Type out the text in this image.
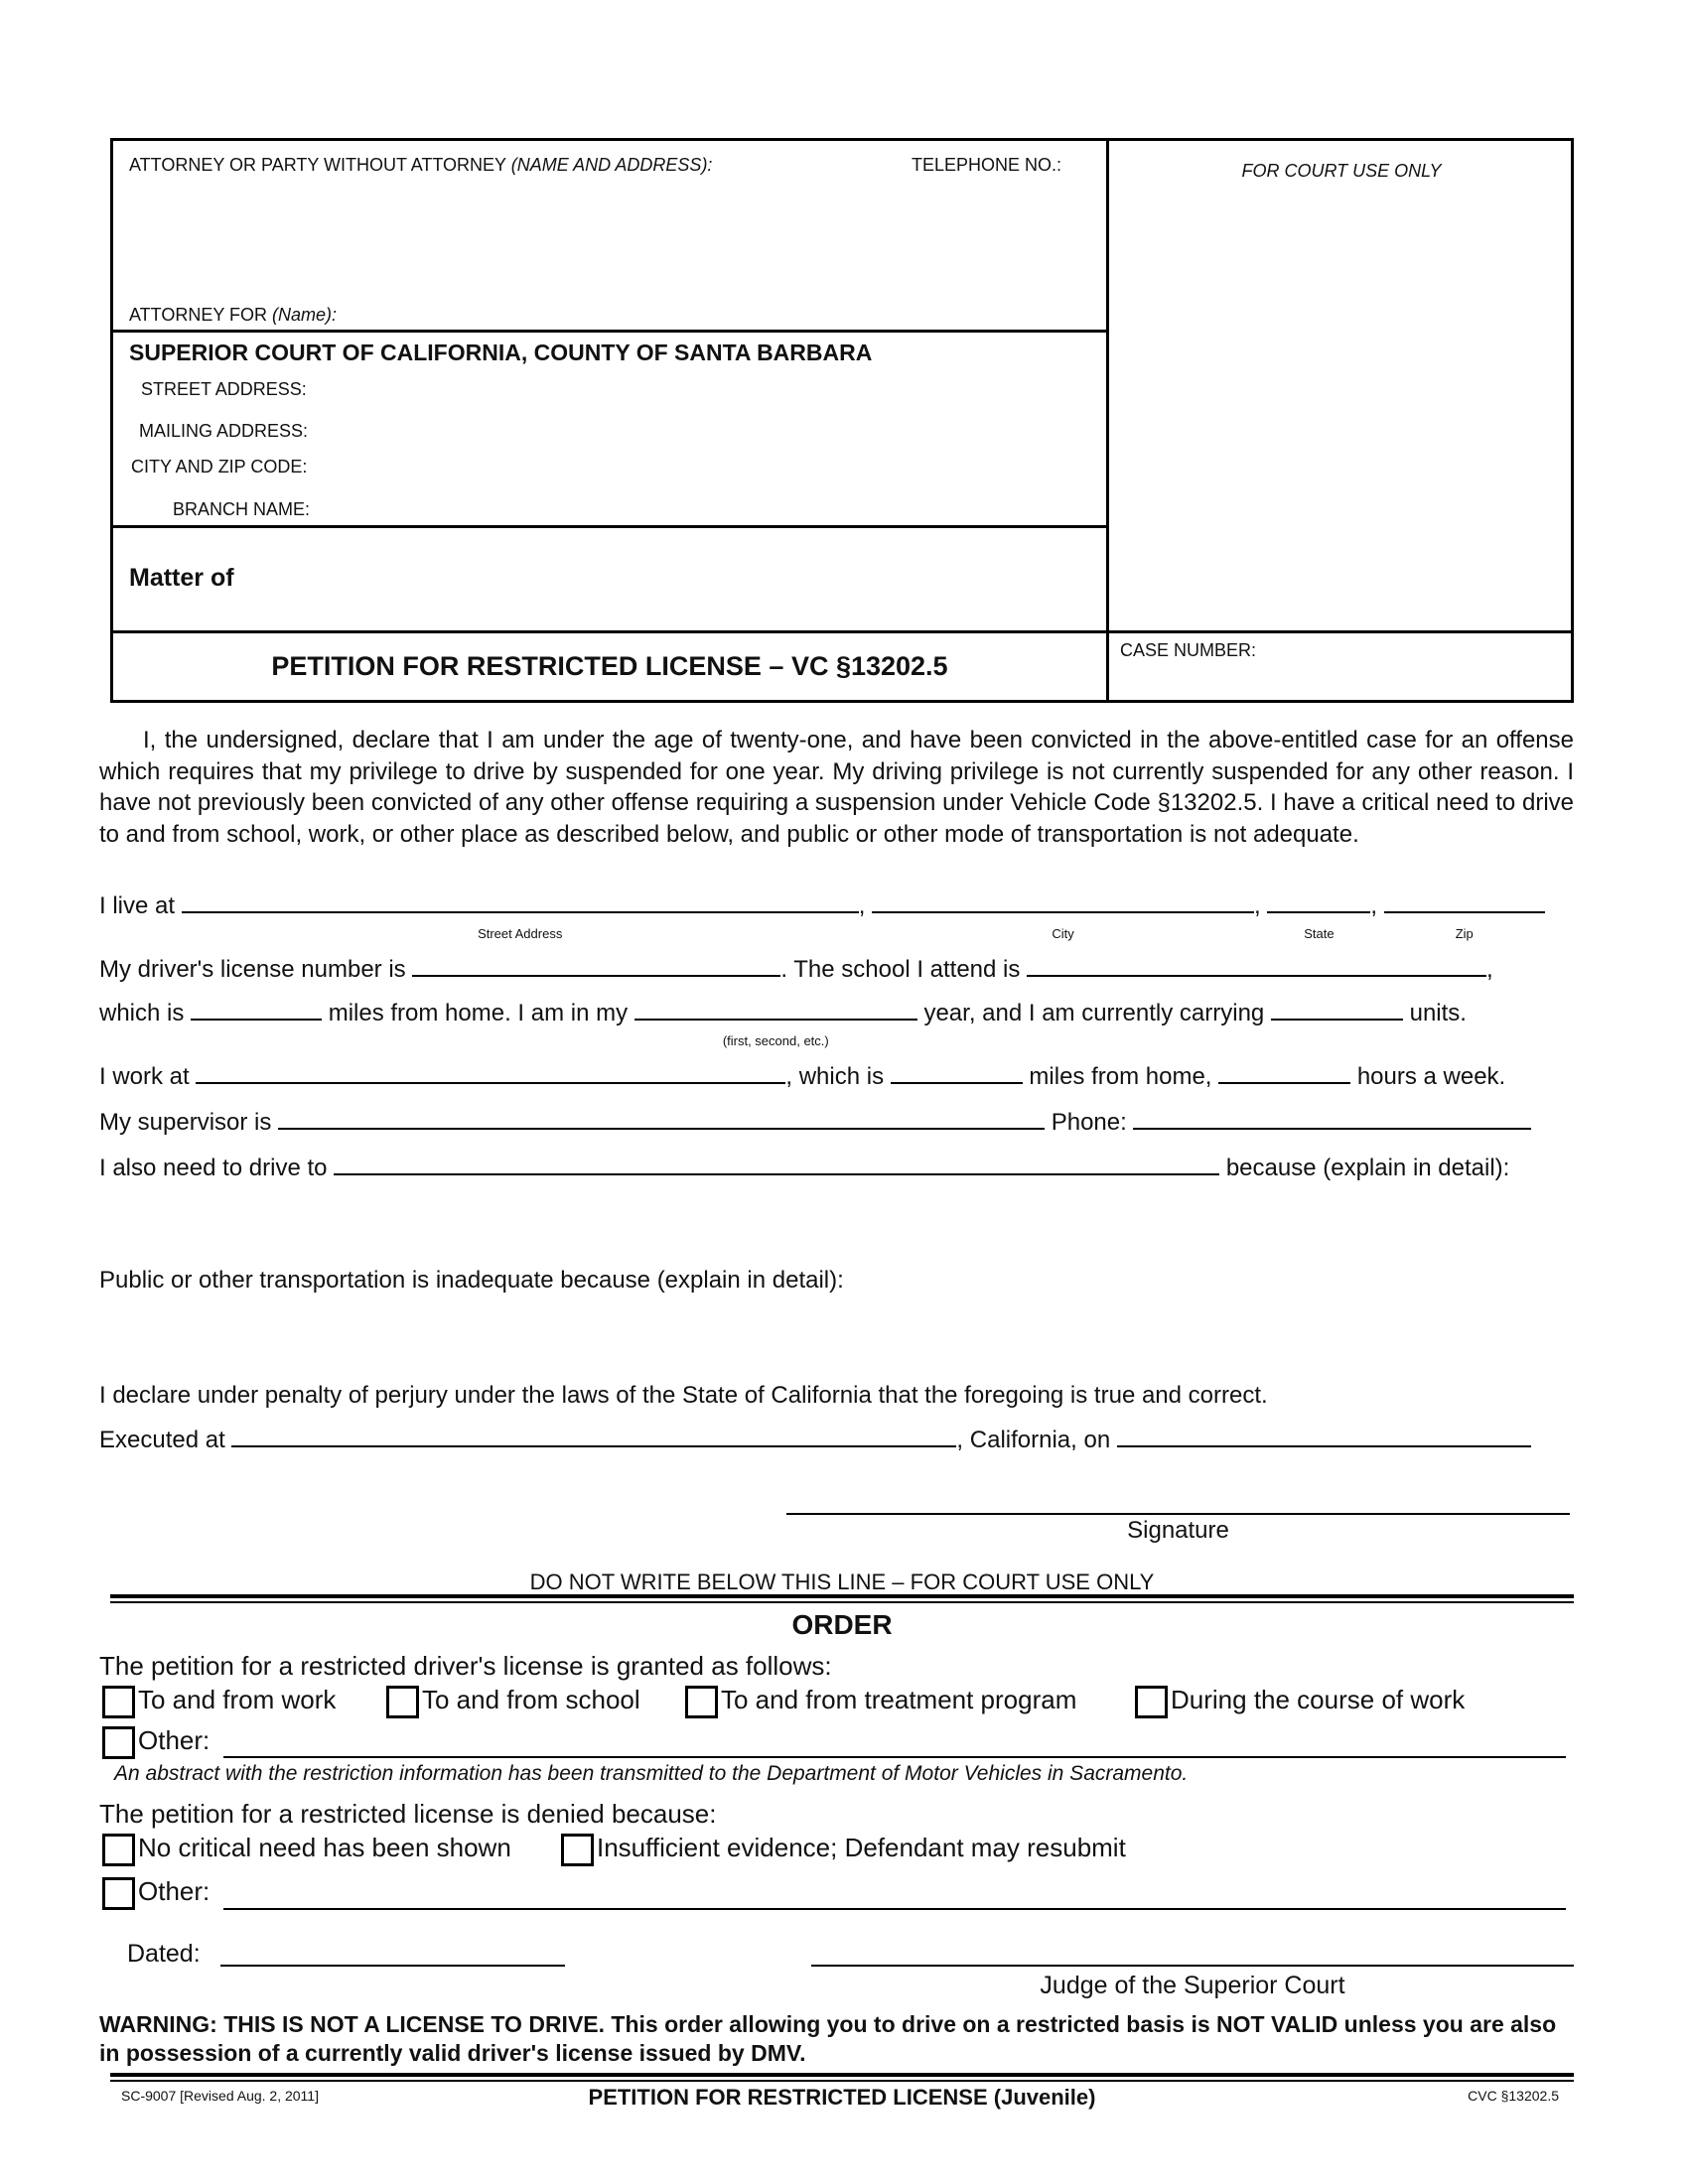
ATTORNEY OR PARTY WITHOUT ATTORNEY (NAME AND ADDRESS):	TELEPHONE NO.:	FOR COURT USE ONLY
ATTORNEY FOR (Name):
SUPERIOR COURT OF CALIFORNIA, COUNTY OF SANTA BARBARA
STREET ADDRESS:
MAILING ADDRESS:
CITY AND ZIP CODE:
BRANCH NAME:
Matter of
PETITION FOR RESTRICTED LICENSE – VC §13202.5
CASE NUMBER:
I, the undersigned, declare that I am under the age of twenty-one, and have been convicted in the above-entitled case for an offense which requires that my privilege to drive by suspended for one year. My driving privilege is not currently suspended for any other reason. I have not previously been convicted of any other offense requiring a suspension under Vehicle Code §13202.5. I have a critical need to drive to and from school, work, or other place as described below, and public or other mode of transportation is not adequate.
I live at
Street Address
,
City
,
State
,
Zip
My driver's license number is	. The school I attend is	,
which is	miles from home. I am in my
(first, second, etc.)
year, and I am currently carrying	units.
I work at	, which is	miles from home,	hours a week.
My supervisor is	Phone:
I also need to drive to	because (explain in detail):
Public or other transportation is inadequate because (explain in detail):
I declare under penalty of perjury under the laws of the State of California that the foregoing is true and correct.
Executed at	, California, on
Signature
DO NOT WRITE BELOW THIS LINE – FOR COURT USE ONLY
ORDER
The petition for a restricted driver's license is granted as follows:
To and from work	To and from school	To and from treatment program	During the course of work
Other:
An abstract with the restriction information has been transmitted to the Department of Motor Vehicles in Sacramento.
The petition for a restricted license is denied because:
No critical need has been shown	Insufficient evidence; Defendant may resubmit
Other:
Dated:
Judge of the Superior Court
WARNING: THIS IS NOT A LICENSE TO DRIVE. This order allowing you to drive on a restricted basis is NOT VALID unless you are also in possession of a currently valid driver's license issued by DMV.
SC-9007 [Revised Aug. 2, 2011]	PETITION FOR RESTRICTED LICENSE (Juvenile)	CVC §13202.5
